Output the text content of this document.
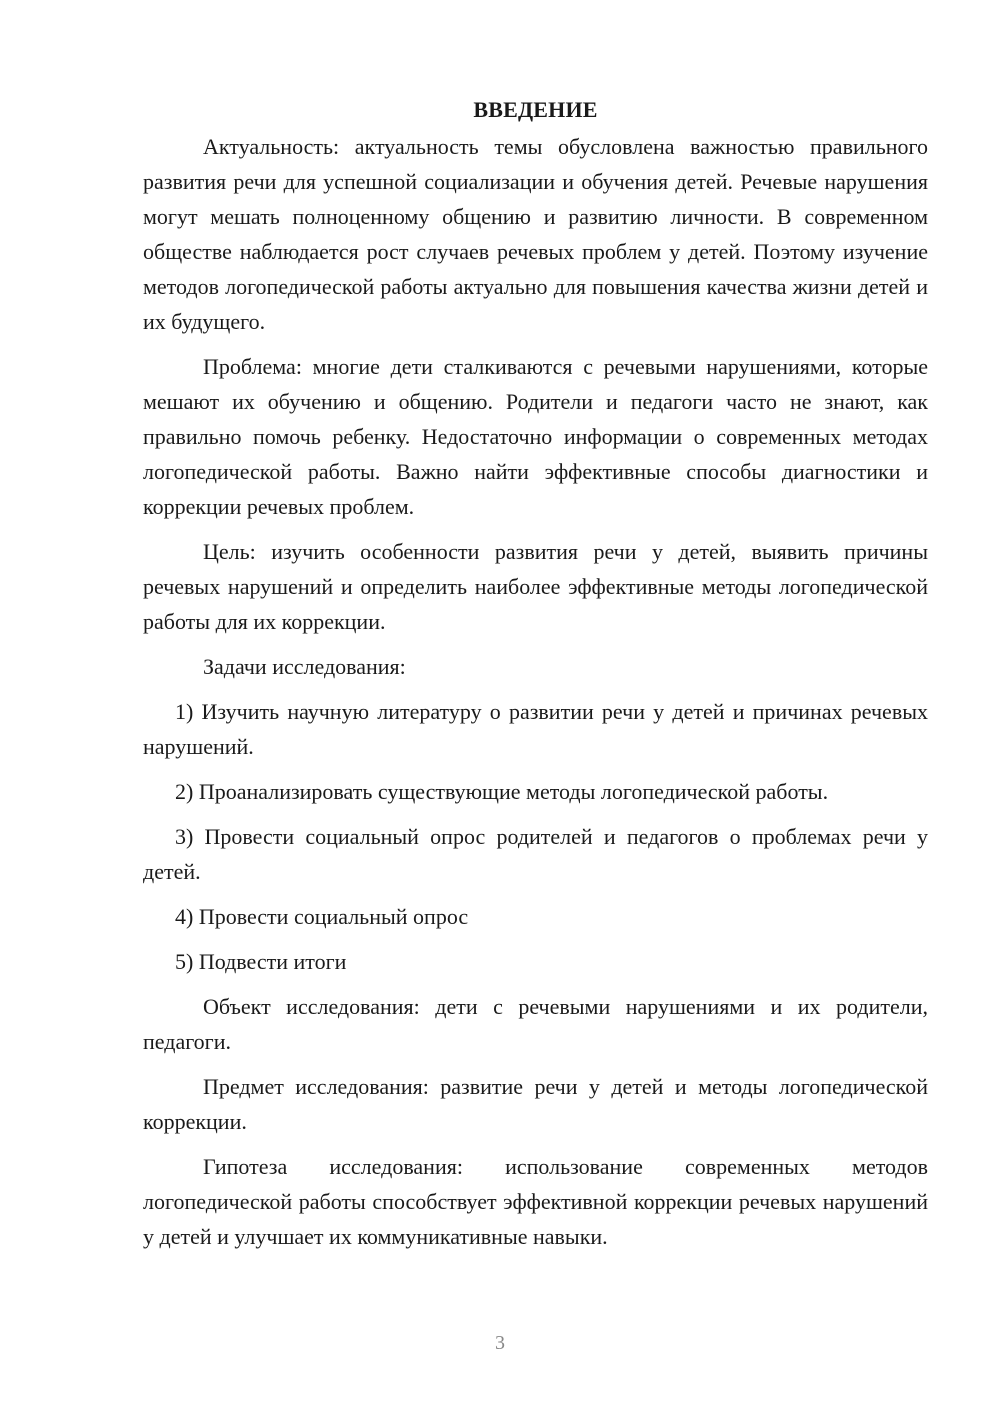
ВВЕДЕНИЕ

Актуальность: актуальность темы обусловлена важностью правильного развития речи для успешной социализации и обучения детей. Речевые нарушения могут мешать полноценному общению и развитию личности. В современном обществе наблюдается рост случаев речевых проблем у детей. Поэтому изучение методов логопедической работы актуально для повышения качества жизни детей и их будущего.

Проблема: многие дети сталкиваются с речевыми нарушениями, которые мешают их обучению и общению. Родители и педагоги часто не знают, как правильно помочь ребенку. Недостаточно информации о современных методах логопедической работы. Важно найти эффективные способы диагностики и коррекции речевых проблем.

Цель: изучить особенности развития речи у детей, выявить причины речевых нарушений и определить наиболее эффективные методы логопедической работы для их коррекции.

Задачи исследования:

1) Изучить научную литературу о развитии речи у детей и причинах речевых нарушений.

2) Проанализировать существующие методы логопедической работы.

3) Провести социальный опрос родителей и педагогов о проблемах речи у детей.

4) Провести социальный опрос

5) Подвести итоги

Объект исследования: дети с речевыми нарушениями и их родители, педагоги.

Предмет исследования: развитие речи у детей и методы логопедической коррекции.

Гипотеза исследования: использование современных методов логопедической работы способствует эффективной коррекции речевых нарушений у детей и улучшает их коммуникативные навыки.

3
